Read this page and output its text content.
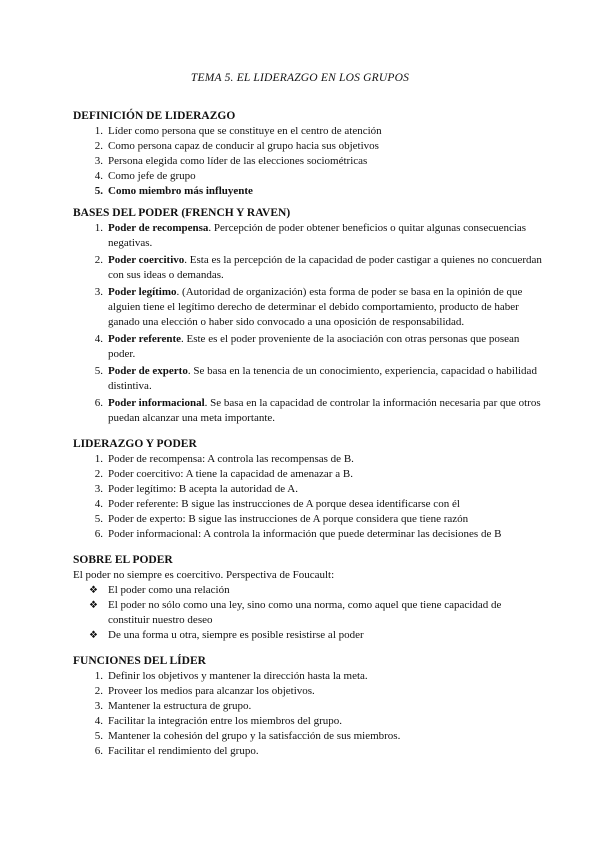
TEMA 5. EL LIDERAZGO EN LOS GRUPOS
DEFINICIÓN DE LIDERAZGO
1. Líder como persona que se constituye en el centro de atención
2. Como persona capaz de conducir al grupo hacia sus objetivos
3. Persona elegida como líder de las elecciones sociométricas
4. Como jefe de grupo
5. Como miembro más influyente
BASES DEL PODER (FRENCH Y RAVEN)
1. Poder de recompensa. Percepción de poder obtener beneficios o quitar algunas consecuencias negativas.
2. Poder coercitivo. Esta es la percepción de la capacidad de poder castigar a quienes no concuerdan con sus ideas o demandas.
3. Poder legítimo. (Autoridad de organización) esta forma de poder se basa en la opinión de que alguien tiene el legítimo derecho de determinar el debido comportamiento, producto de haber ganado una elección o haber sido convocado a una oposición de responsabilidad.
4. Poder referente. Este es el poder proveniente de la asociación con otras personas que posean poder.
5. Poder de experto. Se basa en la tenencia de un conocimiento, experiencia, capacidad o habilidad distintiva.
6. Poder informacional. Se basa en la capacidad de controlar la información necesaria par que otros puedan alcanzar una meta importante.
LIDERAZGO Y PODER
1. Poder de recompensa: A controla las recompensas de B.
2. Poder coercitivo: A tiene la capacidad de amenazar a B.
3. Poder legítimo: B acepta la autoridad de A.
4. Poder referente: B sigue las instrucciones de A porque desea identificarse con él
5. Poder de experto: B sigue las instrucciones de A porque considera que tiene razón
6. Poder informacional: A controla la información que puede determinar las decisiones de B
SOBRE EL PODER

El poder no siempre es coercitivo. Perspectiva de Foucault:

❖ El poder como una relación
❖ El poder no sólo como una ley, sino como una norma, como aquel que tiene capacidad de constituir nuestro deseo
❖ De una forma u otra, siempre es posible resistirse al poder
FUNCIONES DEL LÍDER
1. Definir los objetivos y mantener la dirección hasta la meta.
2. Proveer los medios para alcanzar los objetivos.
3. Mantener la estructura de grupo.
4. Facilitar la integración entre los miembros del grupo.
5. Mantener la cohesión del grupo y la satisfacción de sus miembros.
6. Facilitar el rendimiento del grupo.
